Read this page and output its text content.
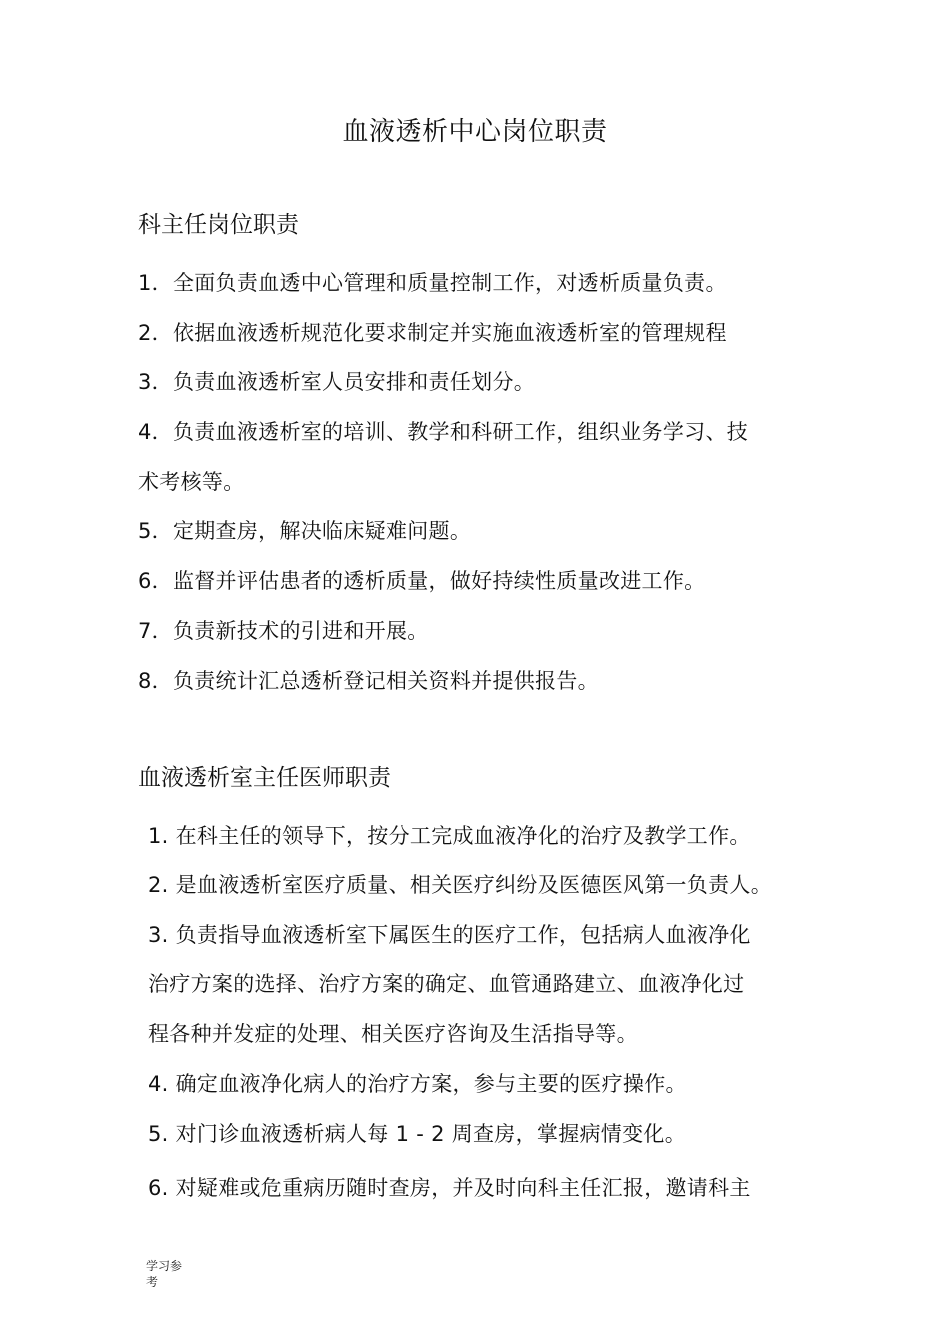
血液透析中心岗位职责
科主任岗位职责
1．全面负责血透中心管理和质量控制工作，对透析质量负责。
2．依据血液透析规范化要求制定并实施血液透析室的管理规程
3．负责血液透析室人员安排和责任划分。
4．负责血液透析室的培训、教学和科研工作，组织业务学习、技
术考核等。
5．定期查房，解决临床疑难问题。
6．监督并评估患者的透析质量，做好持续性质量改进工作。
7．负责新技术的引进和开展。
8．负责统计汇总透析登记相关资料并提供报告。
血液透析室主任医师职责
1. 在科主任的领导下，按分工完成血液净化的治疗及教学工作。
2. 是血液透析室医疗质量、相关医疗纠纷及医德医风第一负责人。
3. 负责指导血液透析室下属医生的医疗工作，包括病人血液净化
治疗方案的选择、治疗方案的确定、血管通路建立、血液净化过
程各种并发症的处理、相关医疗咨询及生活指导等。
4. 确定血液净化病人的治疗方案，参与主要的医疗操作。
5. 对门诊血液透析病人每 1 - 2 周查房，掌握病情变化。
6. 对疑难或危重病历随时查房，并及时向科主任汇报，邀请科主
学习参考
